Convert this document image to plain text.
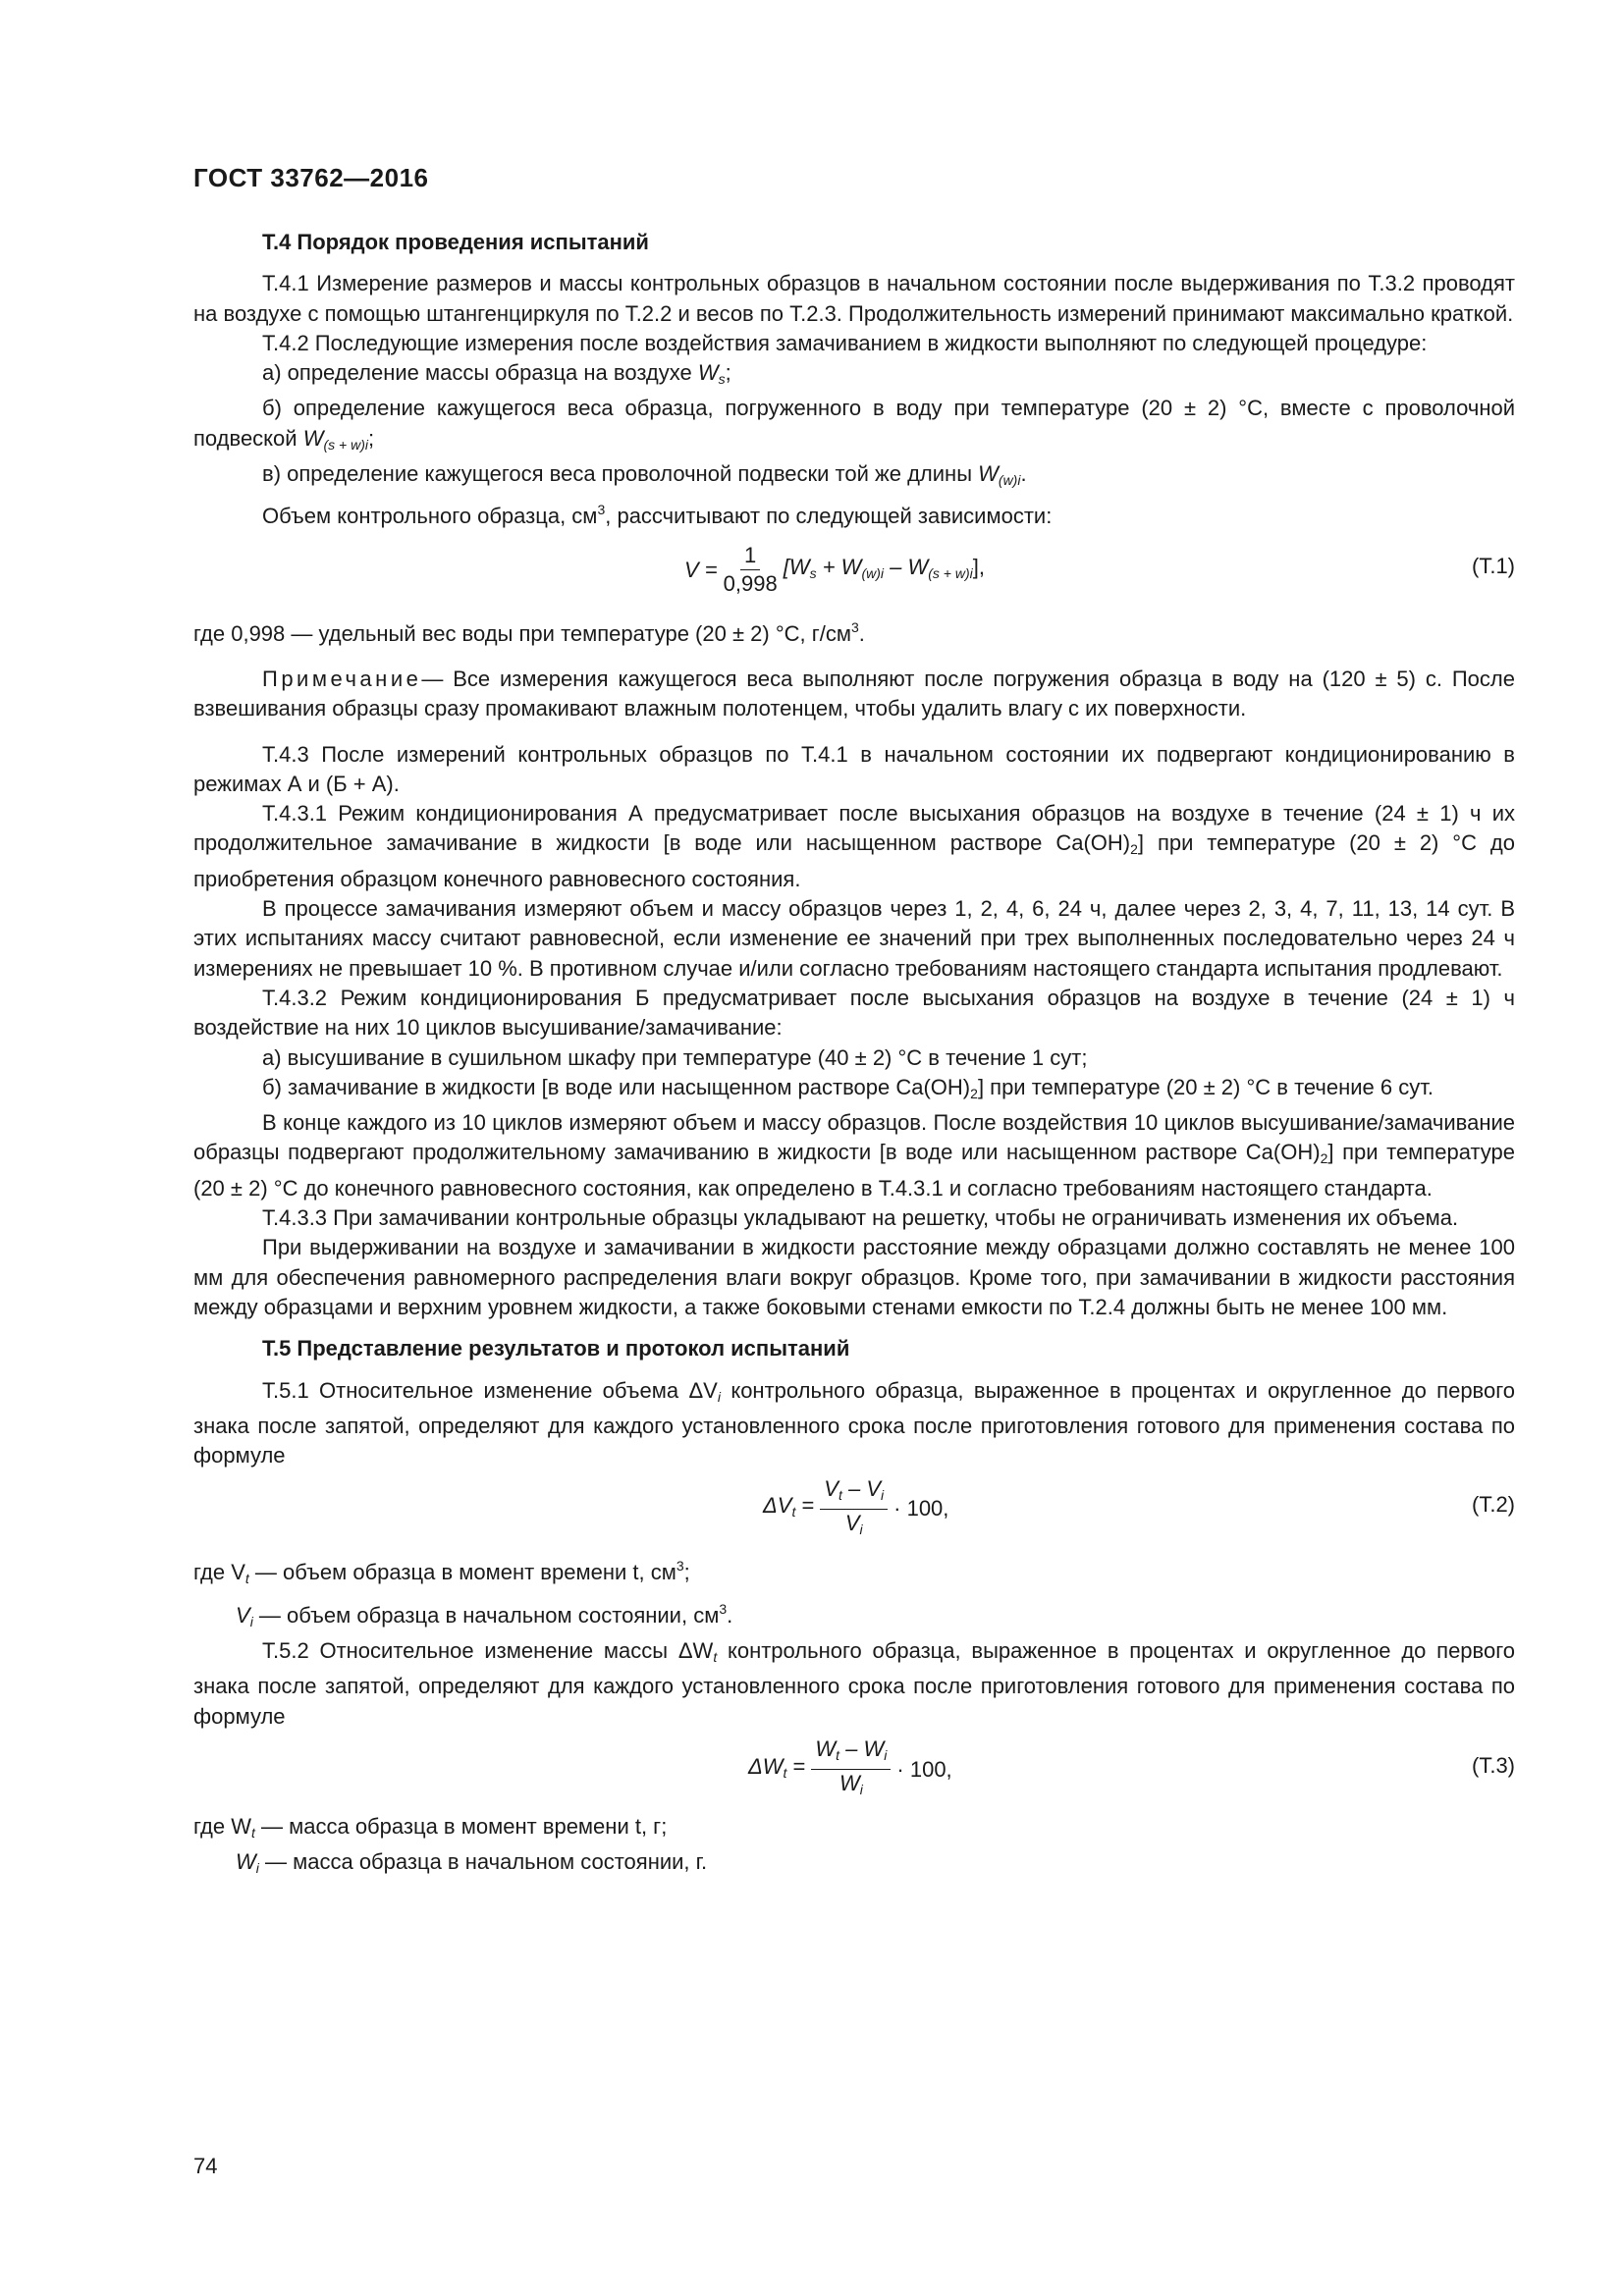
ГОСТ 33762—2016
Т.4 Порядок проведения испытаний

Т.4.1 Измерение размеров и массы контрольных образцов в начальном состоянии после выдерживания по Т.3.2 проводят на воздухе с помощью штангенциркуля по Т.2.2 и весов по Т.2.3. Продолжительность измерений принимают максимально краткой.

Т.4.2 Последующие измерения после воздействия замачиванием в жидкости выполняют по следующей процедуре:

а) определение массы образца на воздухе $W_s$;

б) определение кажущегося веса образца, погруженного в воду при температуре (20 ± 2) °С, вместе с проволочной подвеской $W_{(s + w)i}$;

в) определение кажущегося веса проволочной подвески той же длины $W_{(w)i}$.

Объем контрольного образца, $см^3$, рассчитывают по следующей зависимости:

$V = \frac{1}{0,998} [W_s + W_{(w)i} - W_{(s + w)i}]$,	(Т.1)

где 0,998 — удельный вес воды при температуре (20 ± 2) °С, $г/см^3$.

Примечание— Все измерения кажущегося веса выполняют после погружения образца в воду на (120 ± 5) с. После взвешивания образцы сразу промакивают влажным полотенцем, чтобы удалить влагу с их поверхности.

Т.4.3 После измерений контрольных образцов по Т.4.1 в начальном состоянии их подвергают кондиционированию в режимах А и (Б + А).

Т.4.3.1 Режим кондиционирования А предусматривает после высыхания образцов на воздухе в течение (24 ± 1) ч их продолжительное замачивание в жидкости [в воде или насыщенном растворе $Ca(OH)_2$] при температуре (20 ± 2) °С до приобретения образцом конечного равновесного состояния.

В процессе замачивания измеряют объем и массу образцов через 1, 2, 4, 6, 24 ч, далее через 2, 3, 4, 7, 11, 13, 14 сут. В этих испытаниях массу считают равновесной, если изменение ее значений при трех выполненных последовательно через 24 ч измерениях не превышает 10 %. В противном случае и/или согласно требованиям настоящего стандарта испытания продлевают.

Т.4.3.2 Режим кондиционирования Б предусматривает после высыхания образцов на воздухе в течение (24 ± 1) ч воздействие на них 10 циклов высушивание/замачивание:

а) высушивание в сушильном шкафу при температуре (40 ± 2) °С в течение 1 сут;

б) замачивание в жидкости [в воде или насыщенном растворе $Ca(OH)_2$] при температуре (20 ± 2) °С в течение 6 сут.

В конце каждого из 10 циклов измеряют объем и массу образцов. После воздействия 10 циклов высушивание/замачивание образцы подвергают продолжительному замачиванию в жидкости [в воде или насыщенном растворе $Ca(OH)_2$] при температуре (20 ± 2) °С до конечного равновесного состояния, как определено в Т.4.3.1 и согласно требованиям настоящего стандарта.

Т.4.3.3 При замачивании контрольные образцы укладывают на решетку, чтобы не ограничивать изменения их объема.

При выдерживании на воздухе и замачивании в жидкости расстояние между образцами должно составлять не менее 100 мм для обеспечения равномерного распределения влаги вокруг образцов. Кроме того, при замачивании в жидкости расстояния между образцами и верхним уровнем жидкости, а также боковыми стенами емкости по Т.2.4 должны быть не менее 100 мм.

Т.5 Представление результатов и протокол испытаний

Т.5.1 Относительное изменение объема $\Delta V_i$ контрольного образца, выраженное в процентах и округленное до первого знака после запятой, определяют для каждого установленного срока после приготовления готового для применения состава по формуле

$\Delta V_t = \frac{V_t - V_i}{V_i} \cdot 100$,	(Т.2)

где $V_t$ — объем образца в момент времени t, $см^3$;

$V_i$ — объем образца в начальном состоянии, $см^3$.

Т.5.2 Относительное изменение массы $\Delta W_t$ контрольного образца, выраженное в процентах и округленное до первого знака после запятой, определяют для каждого установленного срока после приготовления готового для применения состава по формуле

$\Delta W_t = \frac{W_t - W_i}{W_i} \cdot 100$,	(Т.3)

где $W_t$ — масса образца в момент времени t, г;

$W_i$ — масса образца в начальном состоянии, г.

74
